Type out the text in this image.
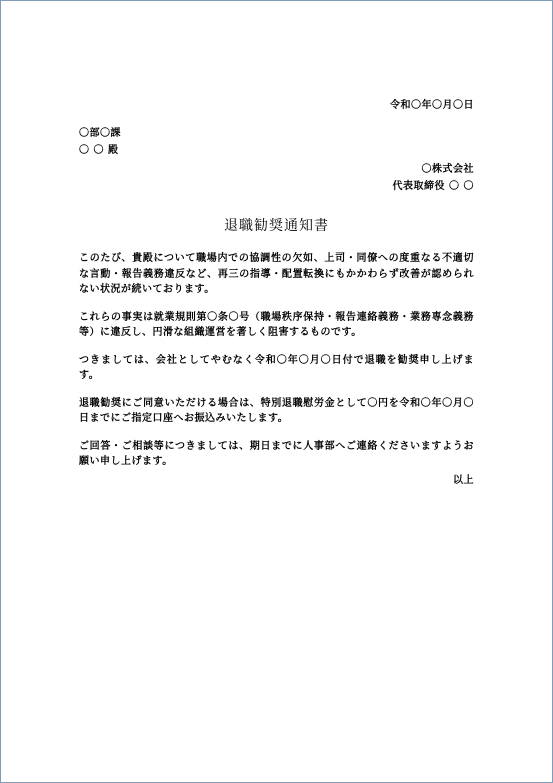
令和〇年〇月〇日
〇部〇課
〇 〇 殿
〇株式会社
代表取締役 〇 〇
退職勧奨通知書
このたび、貴殿について職場内での協調性の欠如、上司・同僚への度重なる不適切な言動・報告義務違反など、再三の指導・配置転換にもかかわらず改善が認められない状況が続いております。
これらの事実は就業規則第〇条〇号（職場秩序保持・報告連絡義務・業務専念義務等）に違反し、円滑な組織運営を著しく阻害するものです。
つきましては、会社としてやむなく令和〇年〇月〇日付で退職を勧奨申し上げます。
退職勧奨にご同意いただける場合は、特別退職慰労金として〇円を令和〇年〇月〇日までにご指定口座へお振込みいたします。
ご回答・ご相談等につきましては、期日までに人事部へご連絡くださいますようお願い申し上げます。
以上
